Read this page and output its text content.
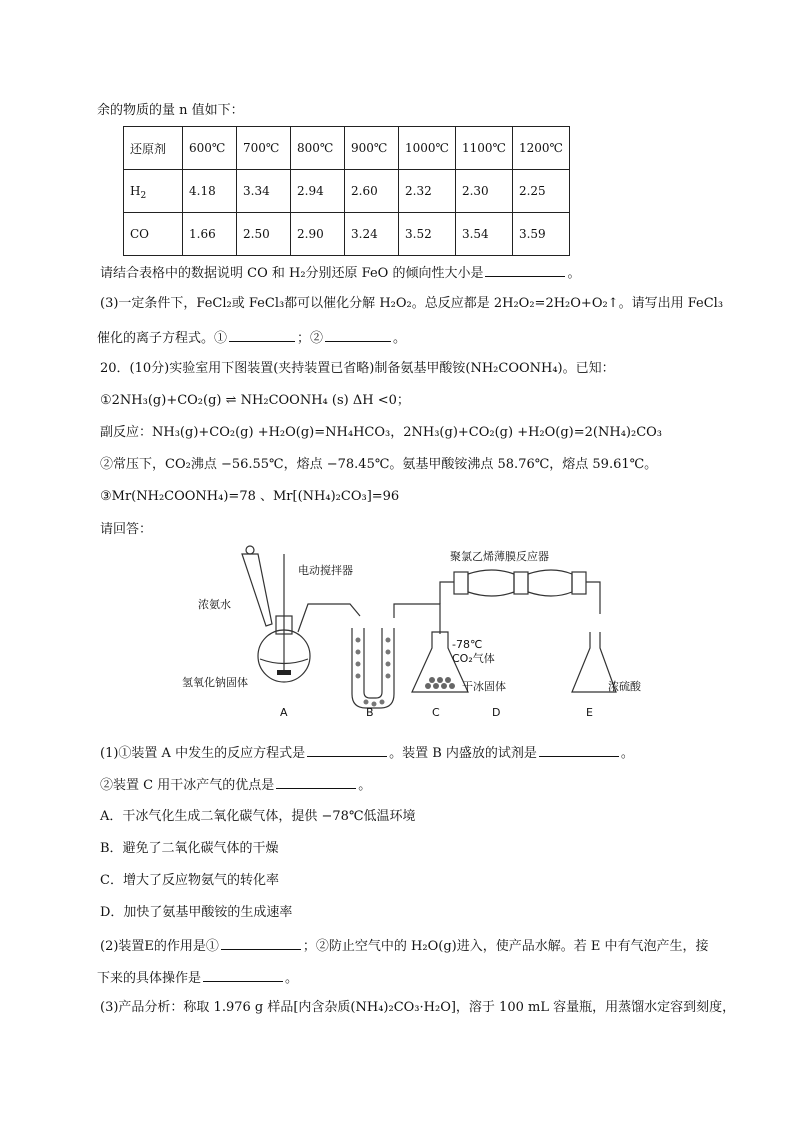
余的物质的量 n 值如下：
还原剂	600℃	700℃	800℃	900℃	1000℃	1100℃	1200℃
$H_2$	4.18	3.34	2.94	2.60	2.32	2.30	2.25
CO	1.66	2.50	2.90	3.24	3.52	3.54	3.59
请结合表格中的数据说明 CO 和 H₂分别还原 FeO 的倾向性大小是	。
(3)一定条件下，FeCl₂或 FeCl₃都可以催化分解 H₂O₂。总反应都是 2H₂O₂=2H₂O+O₂↑。请写出用 FeCl₃
催化的离子方程式。①	；②	。
20．(10分)实验室用下图装置(夹持装置已省略)制备氨基甲酸铵(NH₂COONH₄)。已知：
①2NH₃(g)+CO₂(g) ⇌ NH₂COONH₄ (s) ΔH <0；
副反应：NH₃(g)+CO₂(g) +H₂O(g)=NH₄HCO₃，2NH₃(g)+CO₂(g) +H₂O(g)=2(NH₄)₂CO₃
②常压下，CO₂沸点 −56.55℃，熔点 −78.45℃。氨基甲酸铵沸点 58.76℃，熔点 59.61℃。
③Mr(NH₂COONH₄)=78 、Mr[(NH₄)₂CO₃]=96
请回答：
电动搅拌器
浓氨水
氢氧化钠固体
聚氯乙烯薄膜反应器
-78℃
CO₂气体
干冰固体	浓硫酸
A	B	C	D	E
(1)①装置 A 中发生的反应方程式是	。装置 B 内盛放的试剂是	。
②装置 C 用干冰产气的优点是	。
A．干冰气化生成二氧化碳气体，提供 −78℃低温环境
B．避免了二氧化碳气体的干燥
C．增大了反应物氨气的转化率
D．加快了氨基甲酸铵的生成速率
(2)装置E的作用是①	；②防止空气中的 H₂O(g)进入，使产品水解。若 E 中有气泡产生，接
下来的具体操作是	。
(3)产品分析：称取 1.976 g 样品[内含杂质(NH₄)₂CO₃·H₂O]，溶于 100 mL 容量瓶，用蒸馏水定容到刻度，
